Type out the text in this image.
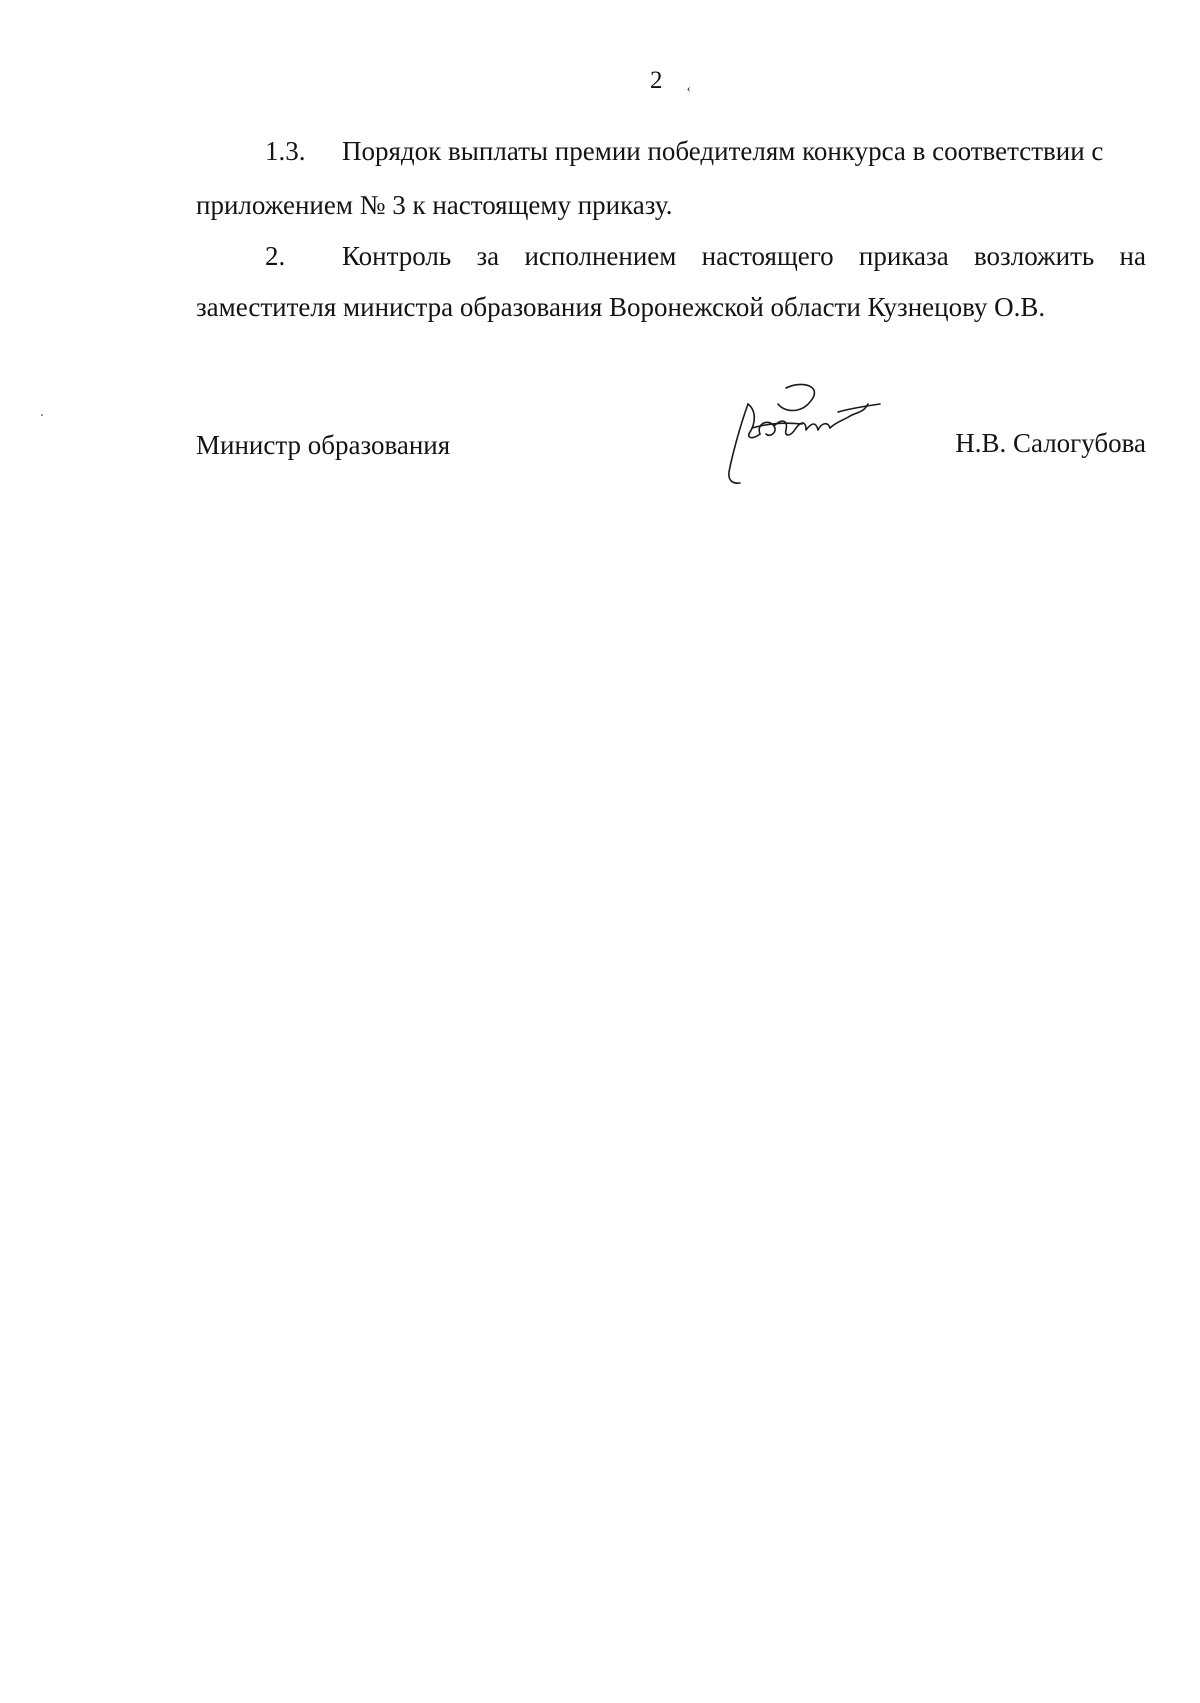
2 ‹
1.3. Порядок выплаты премии победителям конкурса в соответствии с
приложением № 3 к настоящему приказу.
2. Контроль за исполнением настоящего приказа возложить на
заместителя министра образования Воронежской области Кузнецову О.В.
Министр образования	Н.В. Салогубова
